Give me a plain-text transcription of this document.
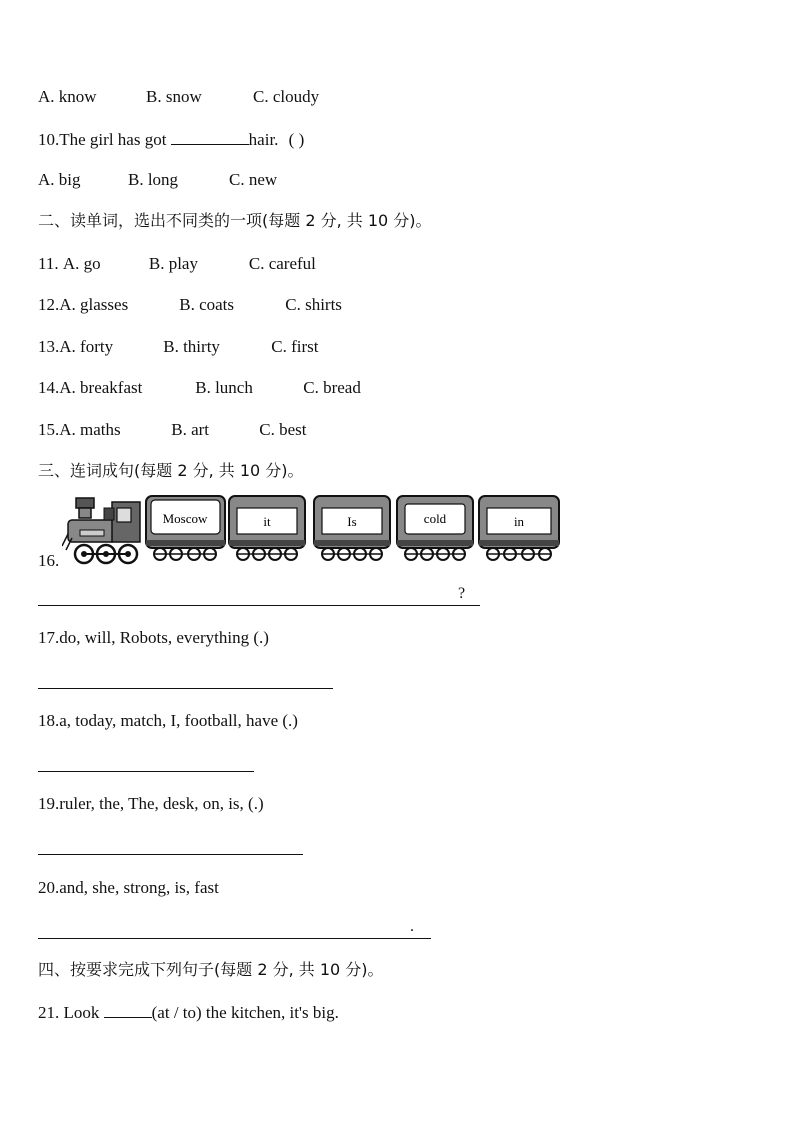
A. know	B. snow	C. cloudy
10.The girl has got	hair. ( )
A. big	B. long	C. new
二、读单词，选出不同类的一项(每题 2 分, 共 10 分)。
11. A. go	B. play	C. careful
12.A. glasses	B. coats	C. shirts
13.A. forty	B. thirty	C. first
14.A. breakfast	B. lunch	C. bread
15.A. maths	B. art	C. best
三、连词成句(每题 2 分, 共 10 分)。
Moscow	it	Is	cold	in
16.
?
17.do, will, Robots, everything (.)
18.a, today, match, I, football, have (.)
19.ruler, the, The, desk, on, is, (.)
20.and, she, strong, is, fast
.
四、按要求完成下列句子(每题 2 分, 共 10 分)。
21. Look	(at / to) the kitchen, it's big.
